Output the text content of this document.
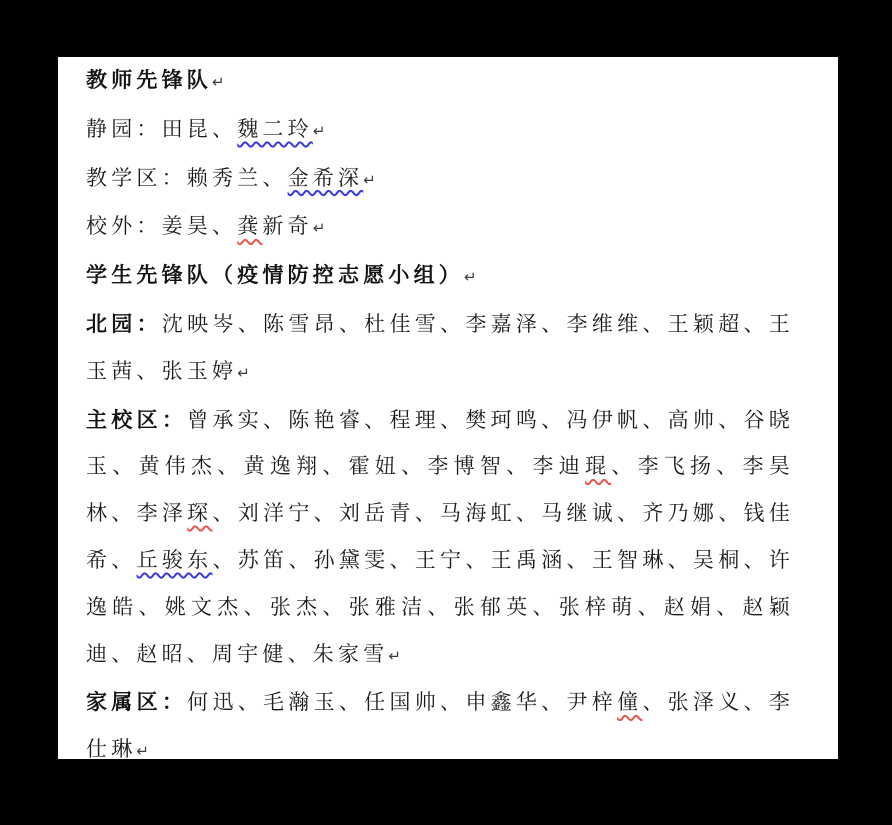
教师先锋队↵

静园：田昆、魏二玲↵

教学区：赖秀兰、金希深↵

校外：姜昊、龚新奇↵

学生先锋队（疫情防控志愿小组）↵

北园：沈映岑、陈雪昂、杜佳雪、李嘉泽、李维维、王颖超、王玉茜、张玉婷↵

主校区：曾承实、陈艳睿、程理、樊珂鸣、冯伊帆、高帅、谷晓玉、黄伟杰、黄逸翔、霍妞、李博智、李迪琨、李飞扬、李昊林、李泽琛、刘洋宁、刘岳青、马海虹、马继诚、齐乃娜、钱佳希、丘骏东、苏笛、孙黛雯、王宁、王禹涵、王智琳、吴桐、许逸皓、姚文杰、张杰、张雅洁、张郁英、张梓萌、赵娟、赵颖迪、赵昭、周宇健、朱家雪↵

家属区：何迅、毛瀚玉、任国帅、申鑫华、尹梓僮、张泽义、李仕琳↵
